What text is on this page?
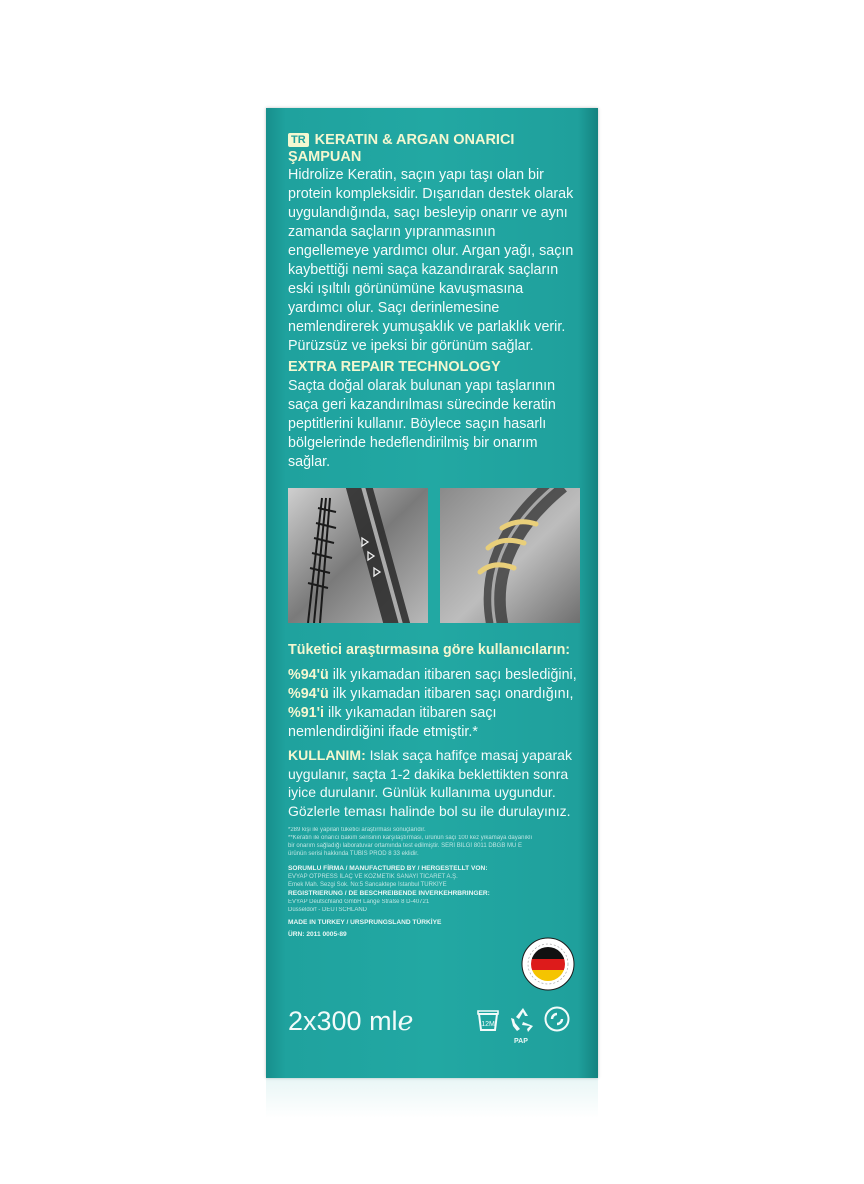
TR KERATIN & ARGAN ONARICI ŞAMPUAN
Hidrolize Keratin, saçın yapı taşı olan bir protein kompleksidir. Dışarıdan destek olarak uygulandığında, saçı besleyip onarır ve aynı zamanda saçların yıpranmasının engellemeye yardımcı olur. Argan yağı, saçın kaybettiği nemi saça kazandırarak saçların eski ışıltılı görünümüne kavuşmasına yardımcı olur. Saçı derinlemesine nemlendirerek yumuşaklık ve parlaklık verir. Pürüzsüz ve ipeksi bir görünüm sağlar.
EXTRA REPAIR TECHNOLOGY
Saçta doğal olarak bulunan yapı taşlarının saça geri kazandırılması sürecinde keratin peptitlerini kullanır. Böylece saçın hasarlı bölgelerinde hedeflendirilmiş bir onarım sağlar.
Tüketici araştırmasına göre kullanıcıların:
%94'ü ilk yıkamadan itibaren saçı beslediğini,
%94'ü ilk yıkamadan itibaren saçı onardığını,
%91'i ilk yıkamadan itibaren saçı nemlendirdiğini ifade etmiştir.*
KULLANIM: Islak saça hafifçe masaj yaparak uygulanır, saçta 1-2 dakika beklettikten sonra iyice durulanır. Günlük kullanıma uygundur. Gözlerle teması halinde bol su ile durulayınız.
*289 kişi ile yapılan tüketici araştırması sonuçlarıdır.
**Keratin ile onarıcı bakım serisinin karşılaştırması, ürünün saçı 100 kez yıkamaya dayanıklı
bir onarım sağladığı laboratuvar ortamında test edilmiştir. SERİ BİLGİ 8011 DBGB MU E
ürünün serisi hakkında TÜBİS PROD 8 33 eklidir.
SORUMLU FİRMA / MANUFACTURED BY / HERGESTELLT VON:
EVYAP OTPRESS İLAÇ VE KOZMETİK SANAYİ TİCARET A.Ş.
Emek Mah. Sezgi Sok. No:5 Sancaktepe İstanbul TÜRKİYE
REGISTRIERUNG / DE BESCHREIBENDE INVERKEHRBRINGER:
EVYAP Deutschland GmbH Lange Straße 8 D-40721
Düsseldorf - DEUTSCHLAND
MADE IN TURKEY / URSPRUNGSLAND TÜRKİYE
ÜRN: 2011 0005-89
2x300 mlℯ	12M
PAP
